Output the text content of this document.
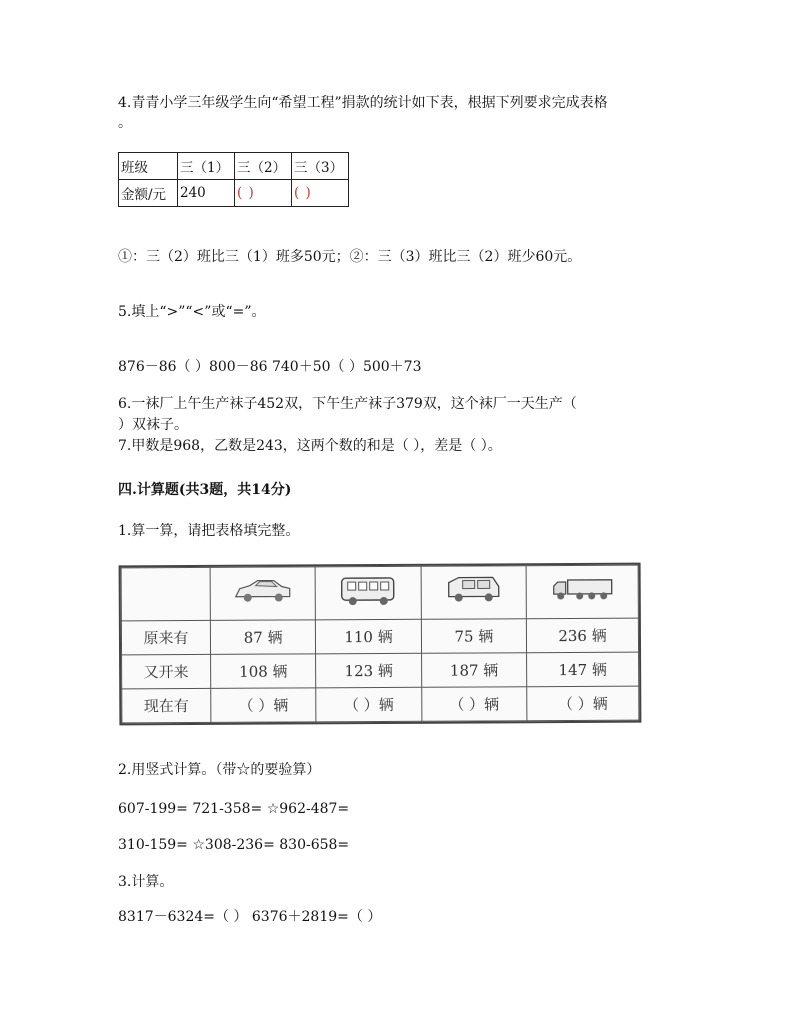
4.青青小学三年级学生向“希望工程”捐款的统计如下表，根据下列要求完成表格
。
班级	三（1）	三（2）	三（3）
金额/元	240	( )	( )
①：三（2）班比三（1）班多50元；②：三（3）班比三（2）班少60元。
5.填上“>”“<”或“=”。
876－86（ ）800－86 740＋50（ ）500＋73
6.一袜厂上午生产袜子452双，下午生产袜子379双，这个袜厂一天生产（
）双袜子。
7.甲数是968，乙数是243，这两个数的和是（ ），差是（ ）。
四.计算题(共3题，共14分)
1.算一算，请把表格填完整。

原来有	87 辆	110 辆	75 辆	236 辆
又开来	108 辆	123 辆	187 辆	147 辆
现在有	（ ）辆	（ ）辆	（ ）辆	（ ）辆
2.用竖式计算。（带☆的要验算）
607-199= 721-358= ☆962-487=
310-159= ☆308-236= 830-658=
3.计算。
8317－6324=（ ） 6376＋2819=（ ）
